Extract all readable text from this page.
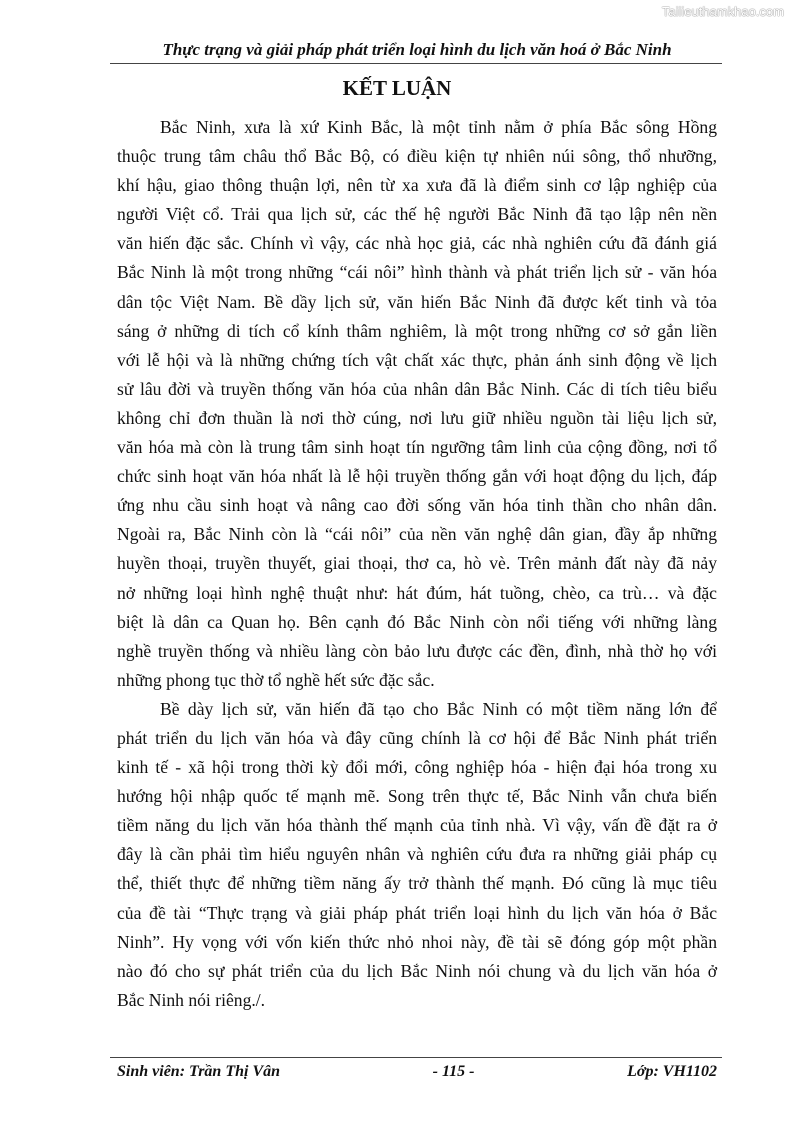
Tailieuthamkhao.com
Thực trạng và giải pháp phát triển loại hình du lịch văn hoá ở Bắc Ninh
KẾT LUẬN
Bắc Ninh, xưa là xứ Kinh Bắc, là một tỉnh nằm ở phía Bắc sông Hồng
thuộc trung tâm châu thổ Bắc Bộ, có điều kiện tự nhiên núi sông, thổ nhưỡng,
khí hậu, giao thông thuận lợi, nên từ xa xưa đã là điểm sinh cơ lập nghiệp của
người Việt cổ. Trải qua lịch sử, các thế hệ người Bắc Ninh đã tạo lập nên nền
văn hiến đặc sắc. Chính vì vậy, các nhà học giả, các nhà nghiên cứu đã đánh giá
Bắc Ninh là một trong những “cái nôi” hình thành và phát triển lịch sử - văn hóa
dân tộc Việt Nam. Bề dầy lịch sử, văn hiến Bắc Ninh đã được kết tinh và tỏa
sáng ở những di tích cổ kính thâm nghiêm, là một trong những cơ sở gắn liền
với lễ hội và là những chứng tích vật chất xác thực, phản ánh sinh động về lịch
sử lâu đời và truyền thống văn hóa của nhân dân Bắc Ninh. Các di tích tiêu biểu
không chỉ đơn thuần là nơi thờ cúng, nơi lưu giữ nhiều nguồn tài liệu lịch sử,
văn hóa mà còn là trung tâm sinh hoạt tín ngưỡng tâm linh của cộng đồng, nơi tổ
chức sinh hoạt văn hóa nhất là lễ hội truyền thống gắn với hoạt động du lịch, đáp
ứng nhu cầu sinh hoạt và nâng cao đời sống văn hóa tinh thần cho nhân dân.
Ngoài ra, Bắc Ninh còn là “cái nôi” của nền văn nghệ dân gian, đầy ắp những
huyền thoại, truyền thuyết, giai thoại, thơ ca, hò vè. Trên mảnh đất này đã nảy
nở những loại hình nghệ thuật như: hát đúm, hát tuồng, chèo, ca trù… và đặc
biệt là dân ca Quan họ. Bên cạnh đó Bắc Ninh còn nổi tiếng với những làng
nghề truyền thống và nhiều làng còn bảo lưu được các đền, đình, nhà thờ họ với
những phong tục thờ tổ nghề hết sức đặc sắc.
Bề dày lịch sử, văn hiến đã tạo cho Bắc Ninh có một tiềm năng lớn để
phát triển du lịch văn hóa và đây cũng chính là cơ hội để Bắc Ninh phát triển
kinh tế - xã hội trong thời kỳ đổi mới, công nghiệp hóa - hiện đại hóa trong xu
hướng hội nhập quốc tế mạnh mẽ. Song trên thực tế, Bắc Ninh vẫn chưa biến
tiềm năng du lịch văn hóa thành thế mạnh của tỉnh nhà. Vì vậy, vấn đề đặt ra ở
đây là cần phải tìm hiểu nguyên nhân và nghiên cứu đưa ra những giải pháp cụ
thể, thiết thực để những tiềm năng ấy trở thành thế mạnh. Đó cũng là mục tiêu
của đề tài “Thực trạng và giải pháp phát triển loại hình du lịch văn hóa ở Bắc
Ninh”. Hy vọng với vốn kiến thức nhỏ nhoi này, đề tài sẽ đóng góp một phần
nào đó cho sự phát triển của du lịch Bắc Ninh nói chung và du lịch văn hóa ở
Bắc Ninh nói riêng./.
Sinh viên: Trần Thị Vân	- 115 -	Lớp: VH1102
